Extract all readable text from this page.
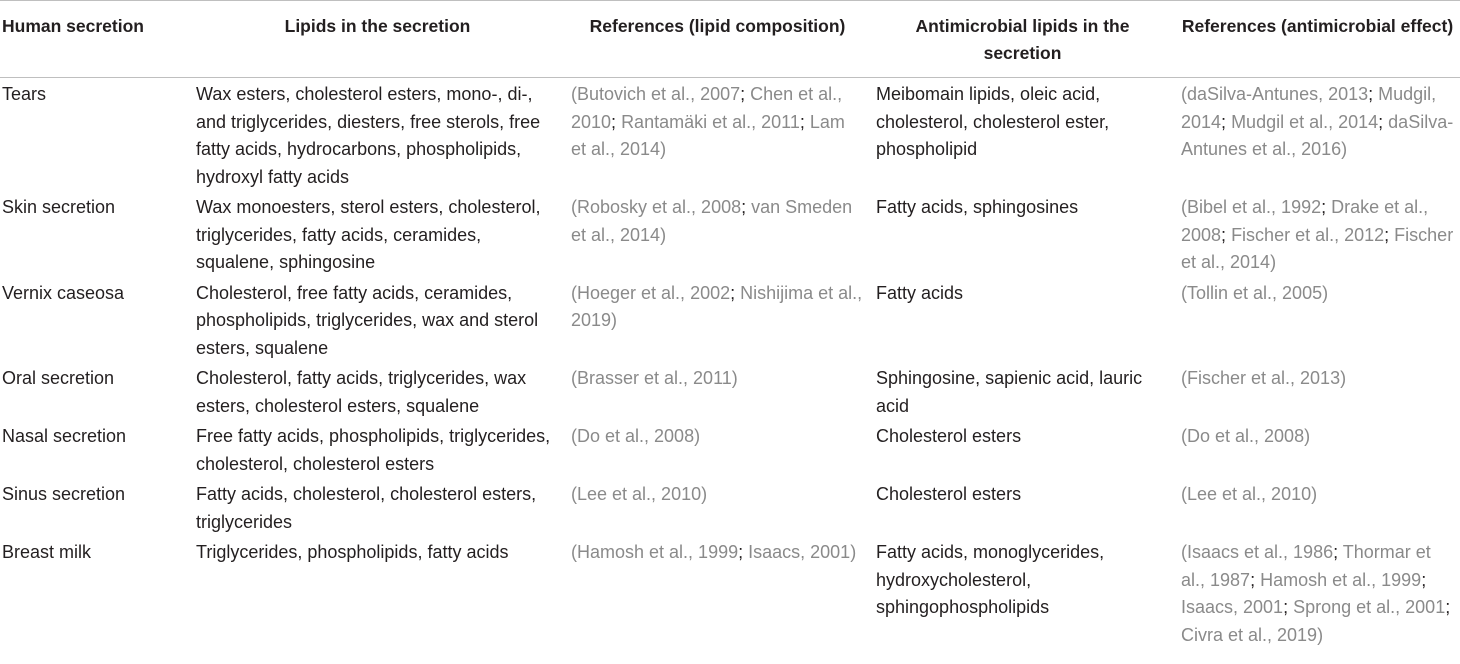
Human secretion	Lipids in the secretion	References (lipid composition)	Antimicrobial lipids in the secretion	References (antimicrobial effect)
Tears	Wax esters, cholesterol esters, mono-, di-, and triglycerides, diesters, free sterols, free fatty acids, hydrocarbons, phospholipids, hydroxyl fatty acids	(Butovich et al., 2007; Chen et al., 2010; Rantamäki et al., 2011; Lam et al., 2014)	Meibomain lipids, oleic acid, cholesterol, cholesterol ester, phospholipid	(daSilva-Antunes, 2013; Mudgil, 2014; Mudgil et al., 2014; daSilva-Antunes et al., 2016)
Skin secretion	Wax monoesters, sterol esters, cholesterol, triglycerides, fatty acids, ceramides, squalene, sphingosine	(Robosky et al., 2008; van Smeden et al., 2014)	Fatty acids, sphingosines	(Bibel et al., 1992; Drake et al., 2008; Fischer et al., 2012; Fischer et al., 2014)
Vernix caseosa	Cholesterol, free fatty acids, ceramides, phospholipids, triglycerides, wax and sterol esters, squalene	(Hoeger et al., 2002; Nishijima et al., 2019)	Fatty acids	(Tollin et al., 2005)
Oral secretion	Cholesterol, fatty acids, triglycerides, wax esters, cholesterol esters, squalene	(Brasser et al., 2011)	Sphingosine, sapienic acid, lauric acid	(Fischer et al., 2013)
Nasal secretion	Free fatty acids, phospholipids, triglycerides, cholesterol, cholesterol esters	(Do et al., 2008)	Cholesterol esters	(Do et al., 2008)
Sinus secretion	Fatty acids, cholesterol, cholesterol esters, triglycerides	(Lee et al., 2010)	Cholesterol esters	(Lee et al., 2010)
Breast milk	Triglycerides, phospholipids, fatty acids	(Hamosh et al., 1999; Isaacs, 2001)	Fatty acids, monoglycerides, hydroxycholesterol, sphingophospholipids	(Isaacs et al., 1986; Thormar et al., 1987; Hamosh et al., 1999; Isaacs, 2001; Sprong et al., 2001; Civra et al., 2019)
